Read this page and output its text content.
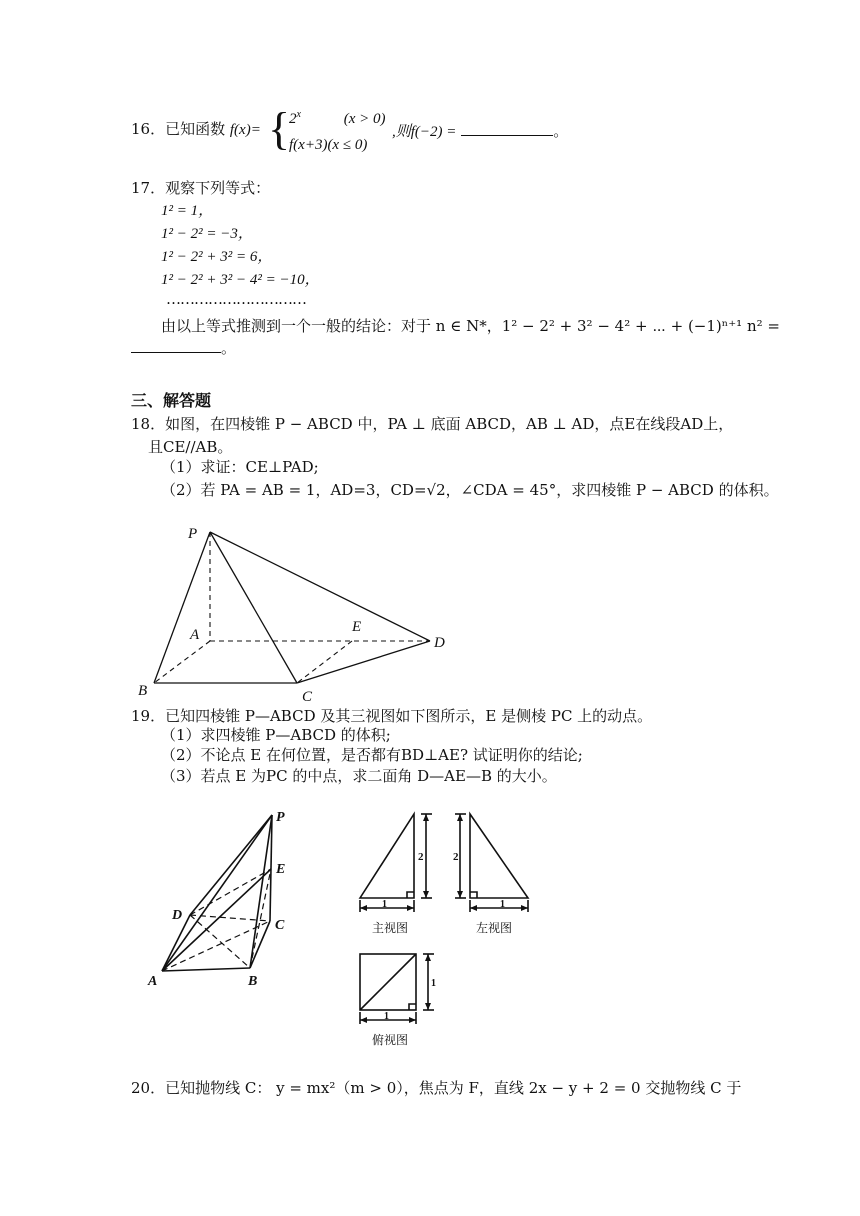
16．已知函数 f(x)= {
2$^x$	(x > 0)
f(x+3)(x ≤ 0)
,则f(−2) =	。
17．观察下列等式：
1² = 1，
1² − 2² = −3，
1² − 2² + 3² = 6，
1² − 2² + 3² − 4² = −10，
…………………………
由以上等式推测到一个一般的结论：对于 n ∈ N*，1² − 2² + 3² − 4² + ⋯ + (−1)ⁿ⁺¹ n² =
。
三、解答题
18．如图，在四棱锥 P − ABCD 中，PA ⊥ 底面 ABCD，AB ⊥ AD，点E在线段AD上，
且CE//AB。
（1）求证：CE⊥PAD;
（2）若 PA = AB = 1，AD=3，CD=√2，∠CDA = 45°，求四棱锥 P − ABCD 的体积。
P
A	E
D
B	C
19．已知四棱锥 P—ABCD 及其三视图如下图所示，E 是侧棱 PC 上的动点。
（1）求四棱锥 P—ABCD 的体积;
（2）不论点 E 在何位置，是否都有BD⊥AE? 试证明你的结论;
（3）若点 E 为PC 的中点，求二面角 D—AE—B 的大小。
P
E
D
C
A	B
2
1
主视图
2
1
左视图
1
1
俯视图
20．已知抛物线 C： y = mx²（m > 0），焦点为 F，直线 2x − y + 2 = 0 交抛物线 C 于
